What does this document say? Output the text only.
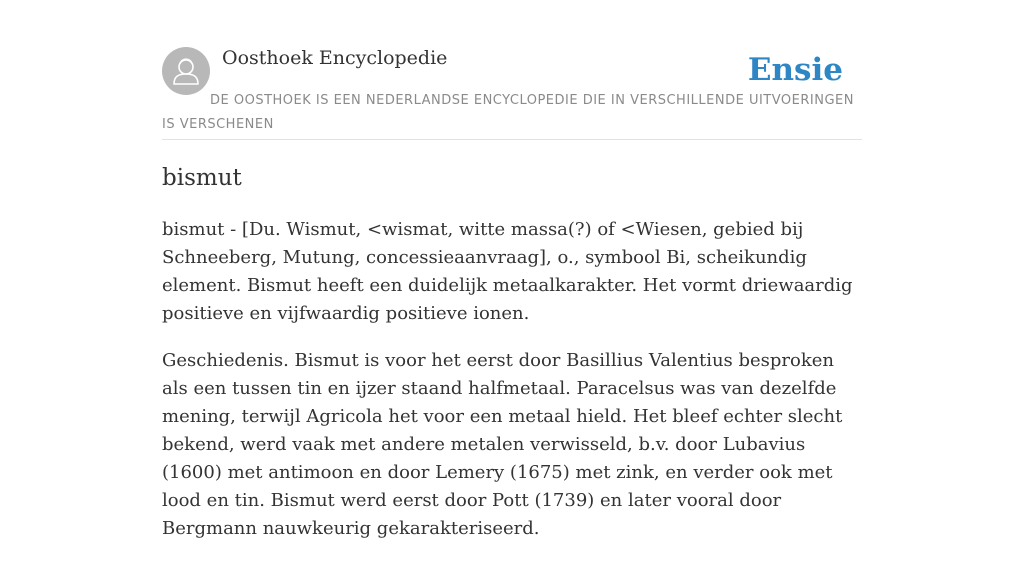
Oosthoek Encyclopedie	Ensie
DE OOSTHOEK IS EEN NEDERLANDSE ENCYCLOPEDIE DIE IN VERSCHILLENDE UITVOERINGEN IS VERSCHENEN
bismut

bismut - [Du. Wismut, <wismat, witte massa(?) of <Wiesen, gebied bij Schneeberg, Mutung, concessieaanvraag], o., symbool Bi, scheikundig element. Bismut heeft een duidelijk metaalkarakter. Het vormt driewaardig positieve en vijfwaardig positieve ionen.

Geschiedenis. Bismut is voor het eerst door Basillius Valentius besproken als een tussen tin en ijzer staand halfmetaal. Paracelsus was van dezelfde mening, terwijl Agricola het voor een metaal hield. Het bleef echter slecht bekend, werd vaak met andere metalen verwisseld, b.v. door Lubavius (1600) met antimoon en door Lemery (1675) met zink, en verder ook met lood en tin. Bismut werd eerst door Pott (1739) en later vooral door Bergmann nauwkeurig gekarakteriseerd.
